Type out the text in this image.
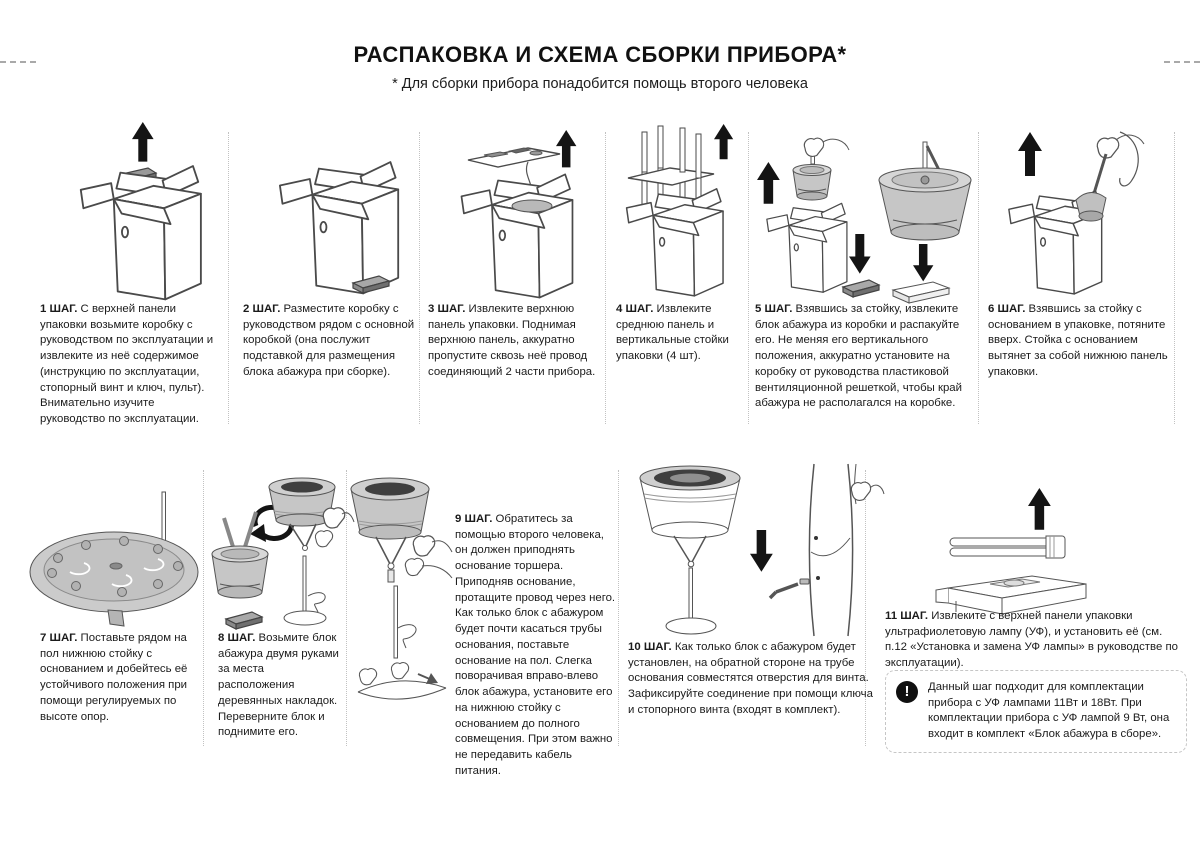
РАСПАКОВКА И СХЕМА СБОРКИ ПРИБОРА*

* Для сборки прибора понадобится помощь второго человека

1 ШАГ. С верхней панели упаковки возьмите коробку с руководством по эксплуатации и извлеките из неё содержимое (инструкцию по эксплуатации, стопорный винт и ключ, пульт). Внимательно изучите руководство по эксплуатации.

2 ШАГ. Разместите коробку с руководством рядом с основной коробкой (она послужит подставкой для размещения блока абажура при сборке).

3 ШАГ. Извлеките верхнюю панель упаковки. Поднимая верхнюю панель, аккуратно пропустите сквозь неё провод соединяющий 2 части прибора.

4 ШАГ. Извлеките среднюю панель и вертикальные стойки упаковки (4 шт).

5 ШАГ. Взявшись за стойку, извлеките блок абажура из коробки и распакуйте его. Не меняя его вертикального положения, аккуратно установите на коробку от руководства пластиковой вентиляционной решеткой, чтобы край абажура не располагался на коробке.

6 ШАГ. Взявшись за стойку с основанием в упаковке, потяните вверх. Стойка с основанием вытянет за собой нижнюю панель упаковки.

7 ШАГ. Поставьте рядом на пол нижнюю стойку с основанием и добейтесь её устойчивого положения при помощи регулируемых по высоте опор.

8 ШАГ. Возьмите блок абажура двумя руками за места расположения деревянных накладок. Переверните блок и поднимите его.

9 ШАГ. Обратитесь за помощью второго человека, он должен приподнять основание торшера. Приподняв основание, протащите провод через него. Как только блок с абажуром будет почти касаться трубы основания, поставьте основание на пол. Слегка поворачивая вправо-влево блок абажура, установите его на нижнюю стойку с основанием до полного совмещения. При этом важно не передавить кабель питания.

10 ШАГ. Как только блок с абажуром будет установлен, на обратной стороне на трубе основания совместятся отверстия для винта. Зафиксируйте соединение при помощи ключа и стопорного винта (входят в комплект).

11 ШАГ. Извлеките с верхней панели упаковки ультрафиолетовую лампу (УФ), и установить её (см. п.12 «Установка и замена УФ лампы» в руководстве по эксплуатации).

!	Данный шаг подходит для комплектации прибора с УФ лампами 11Вт и 18Вт. При комплектации прибора с УФ лампой 9 Вт, она входит в комплект «Блок абажура в сборе».
